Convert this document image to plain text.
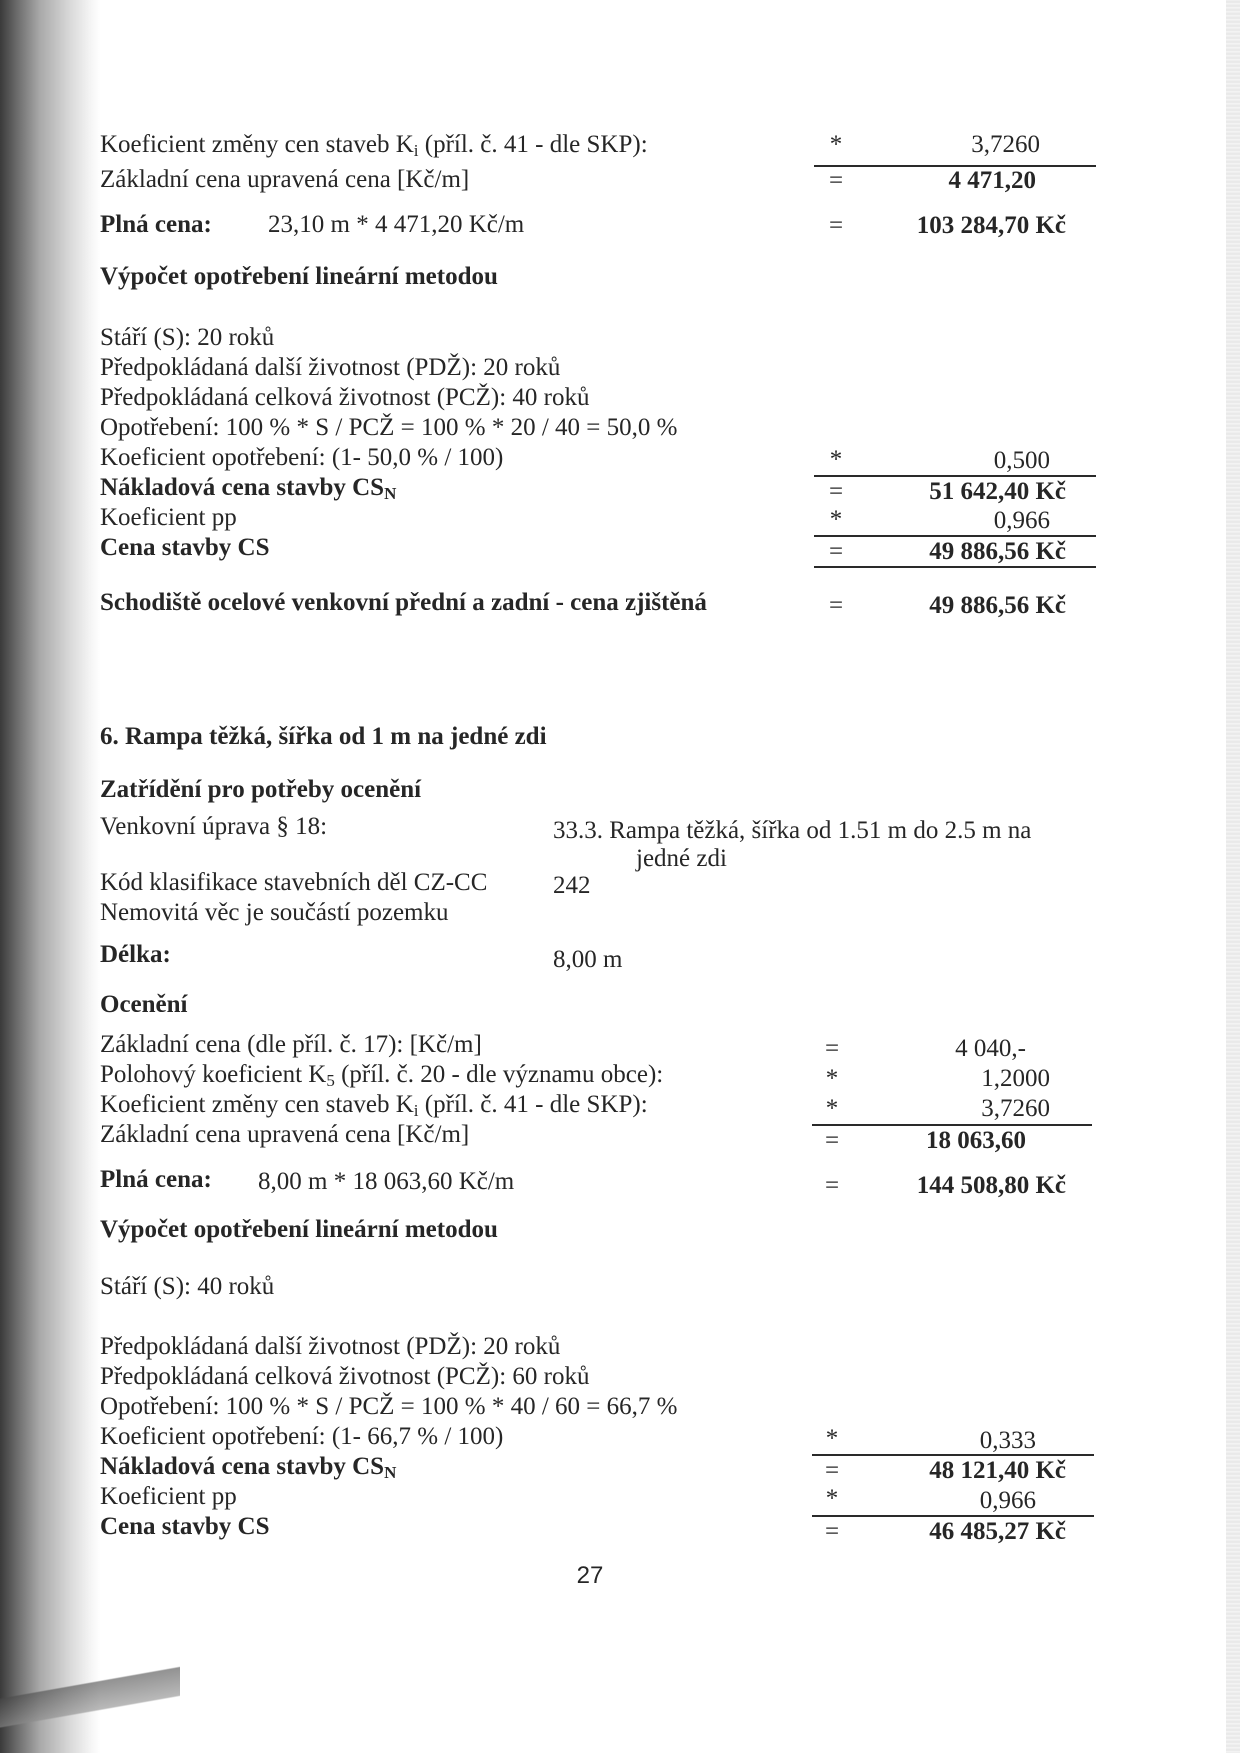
Koeficient změny cen staveb $K_i$ (příl. č. 41 - dle SKP):	*	3,7260
Základní cena upravená cena [Kč/m]	=	4 471,20
Plná cena: 23,10 m * 4 471,20 Kč/m	=	103 284,70 Kč
Výpočet opotřebení lineární metodou
Stáří (S): 20 roků
Předpokládaná další životnost (PDŽ): 20 roků
Předpokládaná celková životnost (PCŽ): 40 roků
Opotřebení: 100 % * S / PCŽ = 100 % * 20 / 40 = 50,0 %
Koeficient opotřebení: (1- 50,0 % / 100)	*	0,500
Nákladová cena stavby $CS_N$	=	51 642,40 Kč
Koeficient pp	*	0,966
Cena stavby CS	=	49 886,56 Kč
Schodiště ocelové venkovní přední a zadní - cena zjištěná	=	49 886,56 Kč
6. Rampa těžká, šířka od 1 m na jedné zdi
Zatřídění pro potřeby ocenění
Venkovní úprava § 18:	33.3. Rampa těžká, šířka od 1.51 m do 2.5 m na
jedné zdi
Kód klasifikace stavebních děl CZ-CC	242
Nemovitá věc je součástí pozemku
Délka:	8,00 m
Ocenění
Základní cena (dle příl. č. 17): [Kč/m]	=	4 040,-
Polohový koeficient $K_5$ (příl. č. 20 - dle významu obce):	*	1,2000
Koeficient změny cen staveb $K_i$ (příl. č. 41 - dle SKP):	*	3,7260
Základní cena upravená cena [Kč/m]	=	18 063,60
Plná cena: 8,00 m * 18 063,60 Kč/m	=	144 508,80 Kč
Výpočet opotřebení lineární metodou
Stáří (S): 40 roků
Předpokládaná další životnost (PDŽ): 20 roků
Předpokládaná celková životnost (PCŽ): 60 roků
Opotřebení: 100 % * S / PCŽ = 100 % * 40 / 60 = 66,7 %
Koeficient opotřebení: (1- 66,7 % / 100)	*	0,333
Nákladová cena stavby $CS_N$	=	48 121,40 Kč
Koeficient pp	*	0,966
Cena stavby CS	=	46 485,27 Kč
27
